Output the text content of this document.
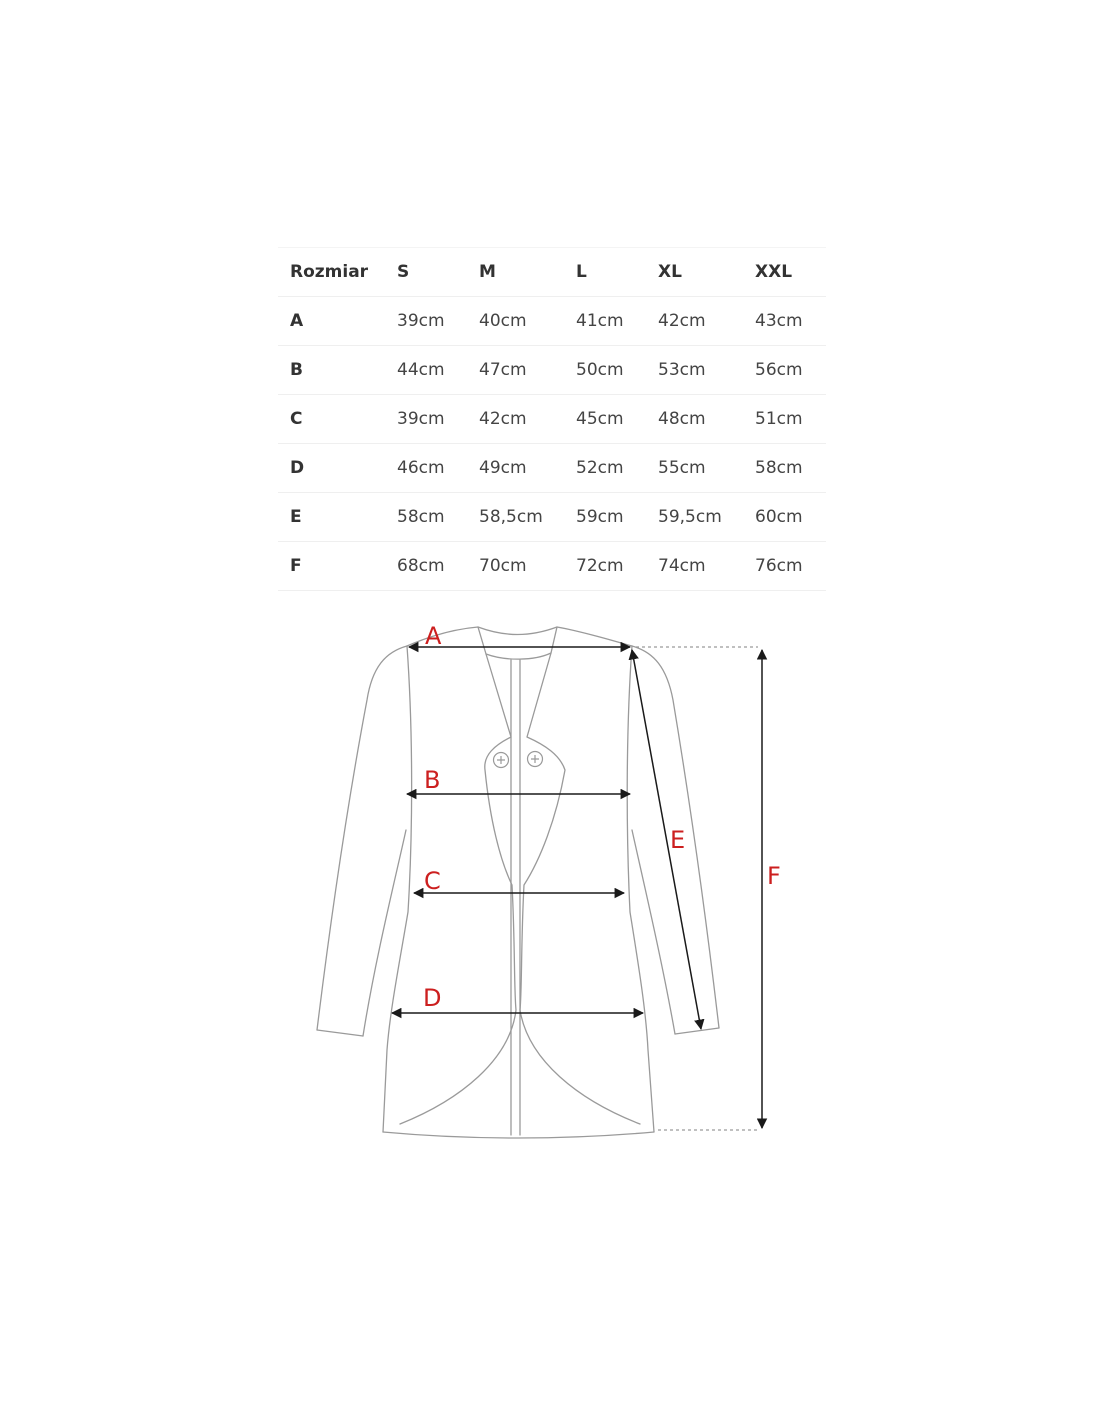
Rozmiar	S	M	L	XL	XXL
A	39cm	40cm	41cm	42cm	43cm
B	44cm	47cm	50cm	53cm	56cm
C	39cm	42cm	45cm	48cm	51cm
D	46cm	49cm	52cm	55cm	58cm
E	58cm	58,5cm	59cm	59,5cm	60cm
F	68cm	70cm	72cm	74cm	76cm
A
B
C
D
E
F
